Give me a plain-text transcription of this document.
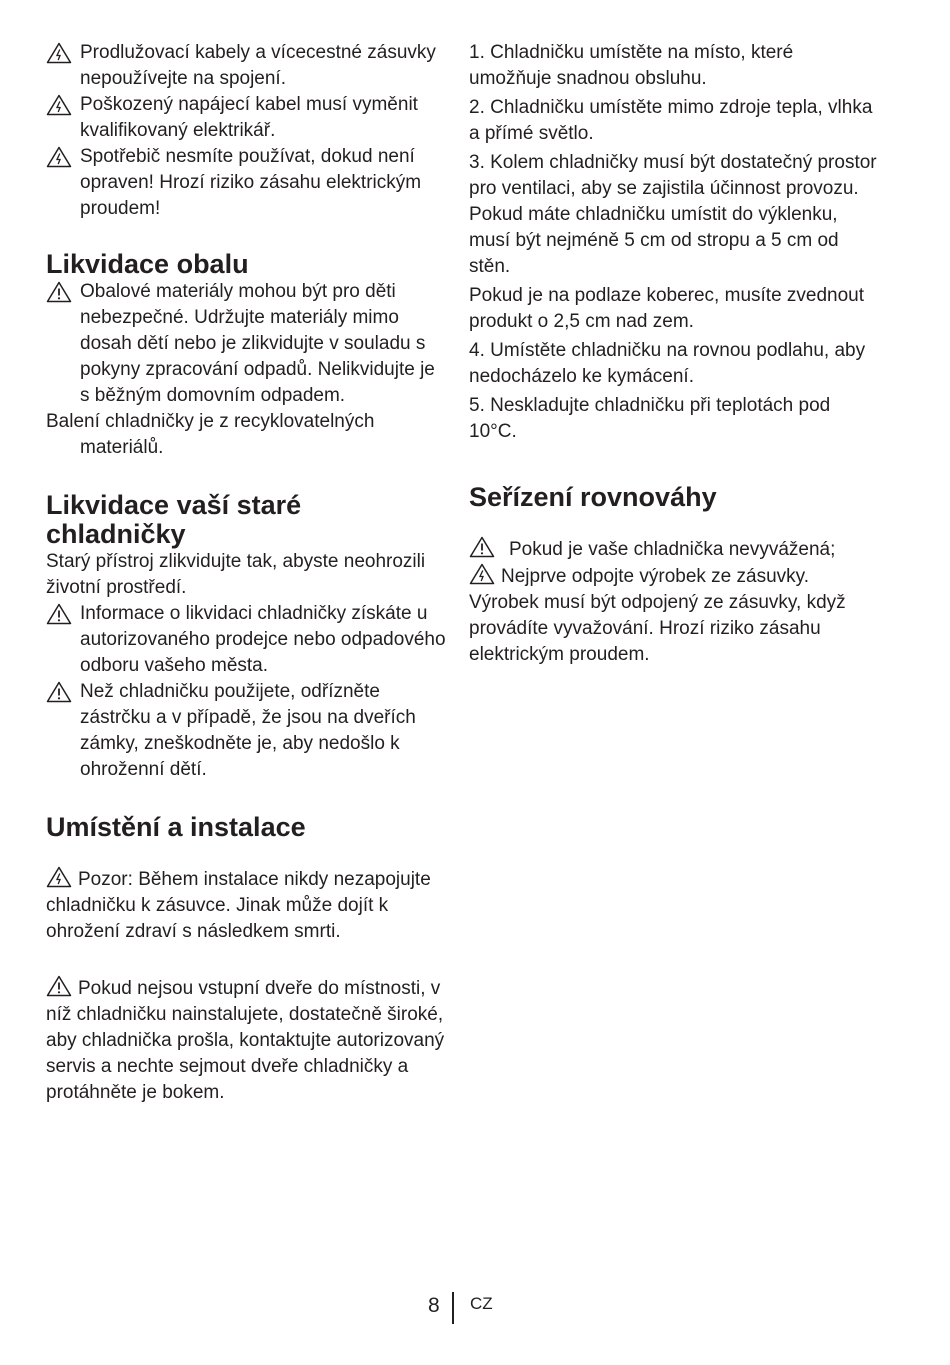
Prodlužovací kabely a vícecestné zásuvky nepoužívejte na spojení.
Poškozený napájecí kabel musí vyměnit kvalifikovaný elektrikář.
Spotřebič nesmíte používat, dokud není opraven! Hrozí riziko zásahu elektrickým proudem!
Likvidace obalu
Obalové materiály mohou být pro děti nebezpečné. Udržujte materiály mimo dosah dětí nebo je zlikvidujte v souladu s pokyny zpracování odpadů. Nelikvidujte je s běžným domovním odpadem.

Balení chladničky je z recyklovatelných materiálů.

Likvidace vaší staré chladničky

Starý přístroj zlikvidujte tak, abyste neohrozili životní prostředí.

Informace o likvidaci chladničky získáte u autorizovaného prodejce nebo odpadového odboru vašeho města.
Než chladničku použijete, odřízněte zástrčku a v případě, že jsou na dveřích zámky, zneškodněte je, aby nedošlo k ohroženní dětí.
Umístění a instalace

Pozor: Během instalace nikdy nezapojujte chladničku k zásuvce. Jinak může dojít k ohrožení zdraví s následkem smrti.

Pokud nejsou vstupní dveře do místnosti, v níž chladničku nainstalujete, dostatečně široké, aby chladnička prošla, kontaktujte autorizovaný servis a nechte sejmout dveře chladničky a protáhněte je bokem.

1. Chladničku umístěte na místo, které umožňuje snadnou obsluhu.

2. Chladničku umístěte mimo zdroje tepla, vlhka a přímé světlo.

3. Kolem chladničky musí být dostatečný prostor pro ventilaci, aby se zajistila účinnost provozu. Pokud máte chladničku umístit do výklenku, musí být nejméně 5 cm od stropu a 5 cm od stěn.

Pokud je na podlaze koberec, musíte zvednout produkt o 2,5 cm nad zem.

4. Umístěte chladničku na rovnou podlahu, aby nedocházelo ke kymácení.

5. Neskladujte chladničku při teplotách pod 10°C.

Seřízení rovnováhy

Pokud je vaše chladnička nevyvážená;

Nejprve odpojte výrobek ze zásuvky. Výrobek musí být odpojený ze zásuvky, když provádíte vyvažování. Hrozí riziko zásahu elektrickým proudem.

8 CZ
